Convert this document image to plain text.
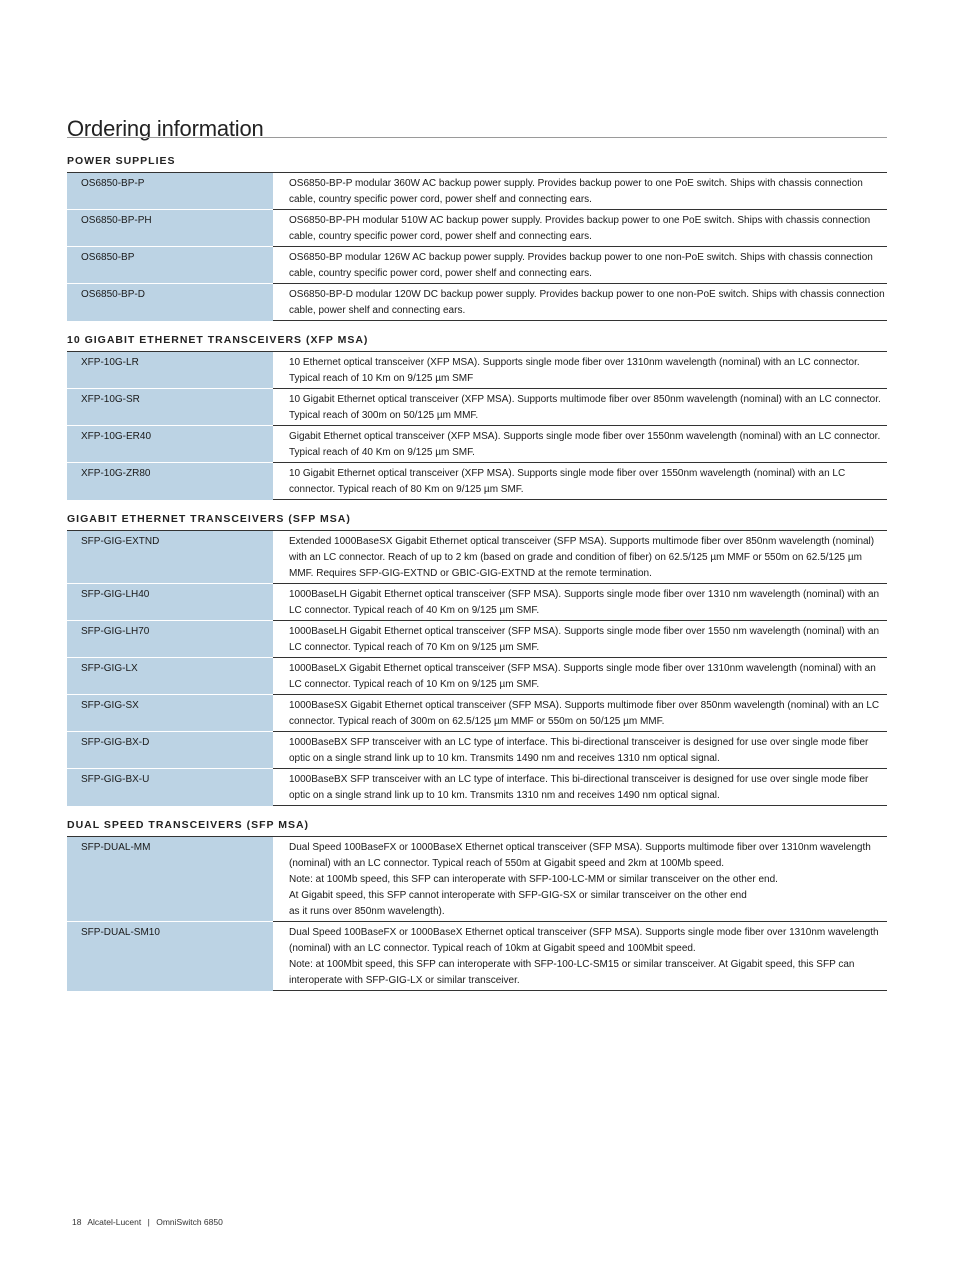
Ordering information
POWER SUPPLIES
OS6850-BP-P	OS6850-BP-P modular 360W AC backup power supply. Provides backup power to one PoE switch. Ships with chassis connection cable, country specific power cord, power shelf and connecting ears.

OS6850-BP-PH	OS6850-BP-PH modular 510W AC backup power supply. Provides backup power to one PoE switch. Ships with chassis connection cable, country specific power cord, power shelf and connecting ears.

OS6850-BP	OS6850-BP modular 126W AC backup power supply. Provides backup power to one non-PoE switch. Ships with chassis connection cable, country specific power cord, power shelf and connecting ears.

OS6850-BP-D	OS6850-BP-D modular 120W DC backup power supply. Provides backup power to one non-PoE switch. Ships with chassis connection cable, power shelf and connecting ears.
10 GIGABIT ETHERNET TRANSCEIVERS (XFP MSA)
XFP-10G-LR	10 Ethernet optical transceiver (XFP MSA). Supports single mode fiber over 1310nm wavelength (nominal) with an LC connector. Typical reach of 10 Km on 9/125 µm SMF

XFP-10G-SR	10 Gigabit Ethernet optical transceiver (XFP MSA). Supports multimode fiber over 850nm wavelength (nominal) with an LC connector. Typical reach of 300m on 50/125 µm MMF.

XFP-10G-ER40	Gigabit Ethernet optical transceiver (XFP MSA). Supports single mode fiber over 1550nm wavelength (nominal) with an LC connector. Typical reach of 40 Km on 9/125 µm SMF.

XFP-10G-ZR80	10 Gigabit Ethernet optical transceiver (XFP MSA). Supports single mode fiber over 1550nm wavelength (nominal) with an LC connector. Typical reach of 80 Km on 9/125 µm SMF.
GIGABIT ETHERNET TRANSCEIVERS (SFP MSA)
SFP-GIG-EXTND	Extended 1000BaseSX Gigabit Ethernet optical transceiver (SFP MSA). Supports multimode fiber over 850nm wavelength (nominal) with an LC connector. Reach of up to 2 km (based on grade and condition of fiber) on 62.5/125 µm MMF or 550m on 62.5/125 µm MMF. Requires SFP-GIG-EXTND or GBIC-GIG-EXTND at the remote termination.

SFP-GIG-LH40	1000BaseLH Gigabit Ethernet optical transceiver (SFP MSA). Supports single mode fiber over 1310 nm wavelength (nominal) with an LC connector. Typical reach of 40 Km on 9/125 µm SMF.

SFP-GIG-LH70	1000BaseLH Gigabit Ethernet optical transceiver (SFP MSA). Supports single mode fiber over 1550 nm wavelength (nominal) with an LC connector. Typical reach of 70 Km on 9/125 µm SMF.

SFP-GIG-LX	1000BaseLX Gigabit Ethernet optical transceiver (SFP MSA). Supports single mode fiber over 1310nm wavelength (nominal) with an LC connector. Typical reach of 10 Km on 9/125 µm SMF.

SFP-GIG-SX	1000BaseSX Gigabit Ethernet optical transceiver (SFP MSA). Supports multimode fiber over 850nm wavelength (nominal) with an LC connector. Typical reach of 300m on 62.5/125 µm MMF or 550m on 50/125 µm MMF.

SFP-GIG-BX-D	1000BaseBX SFP transceiver with an LC type of interface. This bi-directional transceiver is designed for use over single mode fiber optic on a single strand link up to 10 km. Transmits 1490 nm and receives 1310 nm optical signal.

SFP-GIG-BX-U	1000BaseBX SFP transceiver with an LC type of interface. This bi-directional transceiver is designed for use over single mode fiber optic on a single strand link up to 10 km. Transmits 1310 nm and receives 1490 nm optical signal.
DUAL SPEED TRANSCEIVERS (SFP MSA)
SFP-DUAL-MM	Dual Speed 100BaseFX or 1000BaseX Ethernet optical transceiver (SFP MSA). Supports multimode fiber over 1310nm wavelength (nominal) with an LC connector. Typical reach of 550m at Gigabit speed and 2km at 100Mb speed.
Note: at 100Mb speed, this SFP can interoperate with SFP-100-LC-MM or similar transceiver on the other end.
At Gigabit speed, this SFP cannot interoperate with SFP-GIG-SX or similar transceiver on the other end
as it runs over 850nm wavelength).

SFP-DUAL-SM10	Dual Speed 100BaseFX or 1000BaseX Ethernet optical transceiver (SFP MSA). Supports single mode fiber over 1310nm wavelength (nominal) with an LC connector. Typical reach of 10km at Gigabit speed and 100Mbit speed.
Note: at 100Mbit speed, this SFP can interoperate with SFP-100-LC-SM15 or similar transceiver. At Gigabit speed, this SFP can interoperate with SFP-GIG-LX or similar transceiver.
18 Alcatel-Lucent | OmniSwitch 6850
